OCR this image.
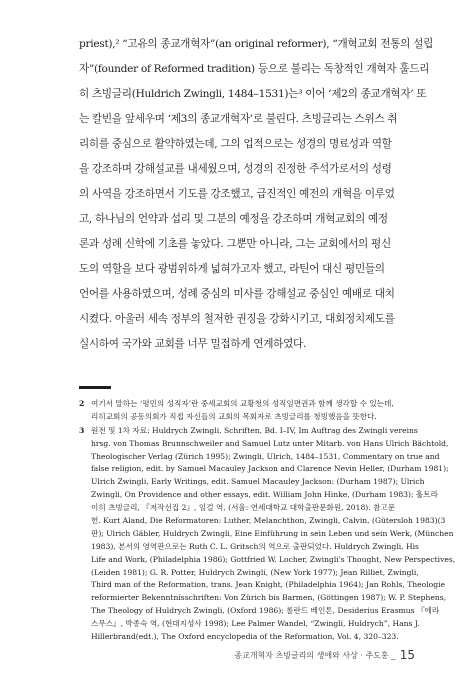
priest),² “고유의 종교개혁자”(an original reformer), “개혁교회 전통의 설립
자”(founder of Reformed tradition) 등으로 불리는 독창적인 개혁자 훌드리
히 츠빙글리(Huldrich Zwingli, 1484–1531)는³ 이어 ‘제2의 종교개혁자’ 또
는 칼빈을 앞세우며 ‘제3의 종교개혁자’로 불린다. 츠빙글리는 스위스 취
리히를 중심으로 활약하였는데, 그의 업적으로는 성경의 명료성과 역할
을 강조하며 강해설교를 내세웠으며, 성경의 진정한 주석가로서의 성령
의 사역을 강조하면서 기도를 강조했고, 급진적인 예전의 개혁을 이루었
고, 하나님의 언약과 섭리 및 그분의 예정을 강조하며 개혁교회의 예정
론과 성례 신학에 기초를 놓았다. 그뿐만 아니라, 그는 교회에서의 평신
도의 역할을 보다 광범위하게 넓혀가고자 했고, 라틴어 대신 평민들의
언어를 사용하였으며, 성례 중심의 미사를 강해설교 중심인 예배로 대치
시켰다. 아울러 세속 정부의 철저한 권징을 강화시키고, 대회정치제도를
실시하여 국가와 교회를 너무 밀접하게 연계하였다.
2 여기서 말하는 ‘평민의 성직자’란 중세교회의 교황청의 성직임면권과 함께 생각할 수 있는데,
리히교회의 공동의회가 직접 자신들의 교회의 목회자로 츠빙글리를 청빙했음을 뜻한다.
3 원전 및 1차 자료: Huldrych Zwingli, Schriften, Bd. I–IV, Im Auftrag des Zwingli vereins
hrsg. von Thomas Brunnschweiler and Samuel Lutz unter Mitarb. von Hans Ulrich Bächtold,
Theologischer Verlag (Zürich 1995); Zwingli, Ulrich, 1484–1531, Commentary on true and
false religion, edit. by Samuel Macauley Jackson and Clarence Nevin Heller, (Durham 1981);
Ulrich Zwingli, Early Writings, edit. Samuel Macauley Jackson: (Durham 1987); Ulrich
Zwingli, On Providence and other essays, edit. William John Hinke, (Durham 1983); 훌트라
이히 츠빙글리, 『저작선집 2』, 임걸 역, (서울: 연세대학교 대학출판문화원, 2018). 참고문
헌. Kurt Aland, Die Reformatoren: Luther, Melanchthon, Zwingli, Calvin, (Gütersloh 1983)(3
판); Ulrich Gäbler, Huldrych Zwingli, Eine Einführung in sein Leben und sein Werk, (München
1983), 본서의 영역판으로는 Ruth C. L. Gritsch의 역으로 출판되었다. Huldrych Zwingli, His
Life and Work, (Philadelphia 1986); Gottfried W. Locher, Zwingli's Thought, New Perspectives,
(Leiden 1981); G. R. Potter, Huldrych Zwingli, (New York 1977); Jean Rilliet, Zwingli,
Third man of the Reformation, trans. Jean Knight, (Philadelphia 1964); Jan Rohls, Theologie
reformierter Bekenntnisschriften: Von Zürich bis Barmen, (Göttingen 1987); W. P. Stephens,
The Theology of Huldrych Zwingli, (Oxford 1986); 롤란드 베인톤, Desiderius Erasmus 『에라
스무스』, 박종숙 역, (현대지성사 1998); Lee Palmer Wandel, “Zwingli, Huldrych”, Hans J.
Hillerbrand(edt.), The Oxford encyclopedia of the Reformation, Vol. 4, 320–323.
종교개혁자 츠빙글리의 생애와 사상 · 주도홍 _ 15
